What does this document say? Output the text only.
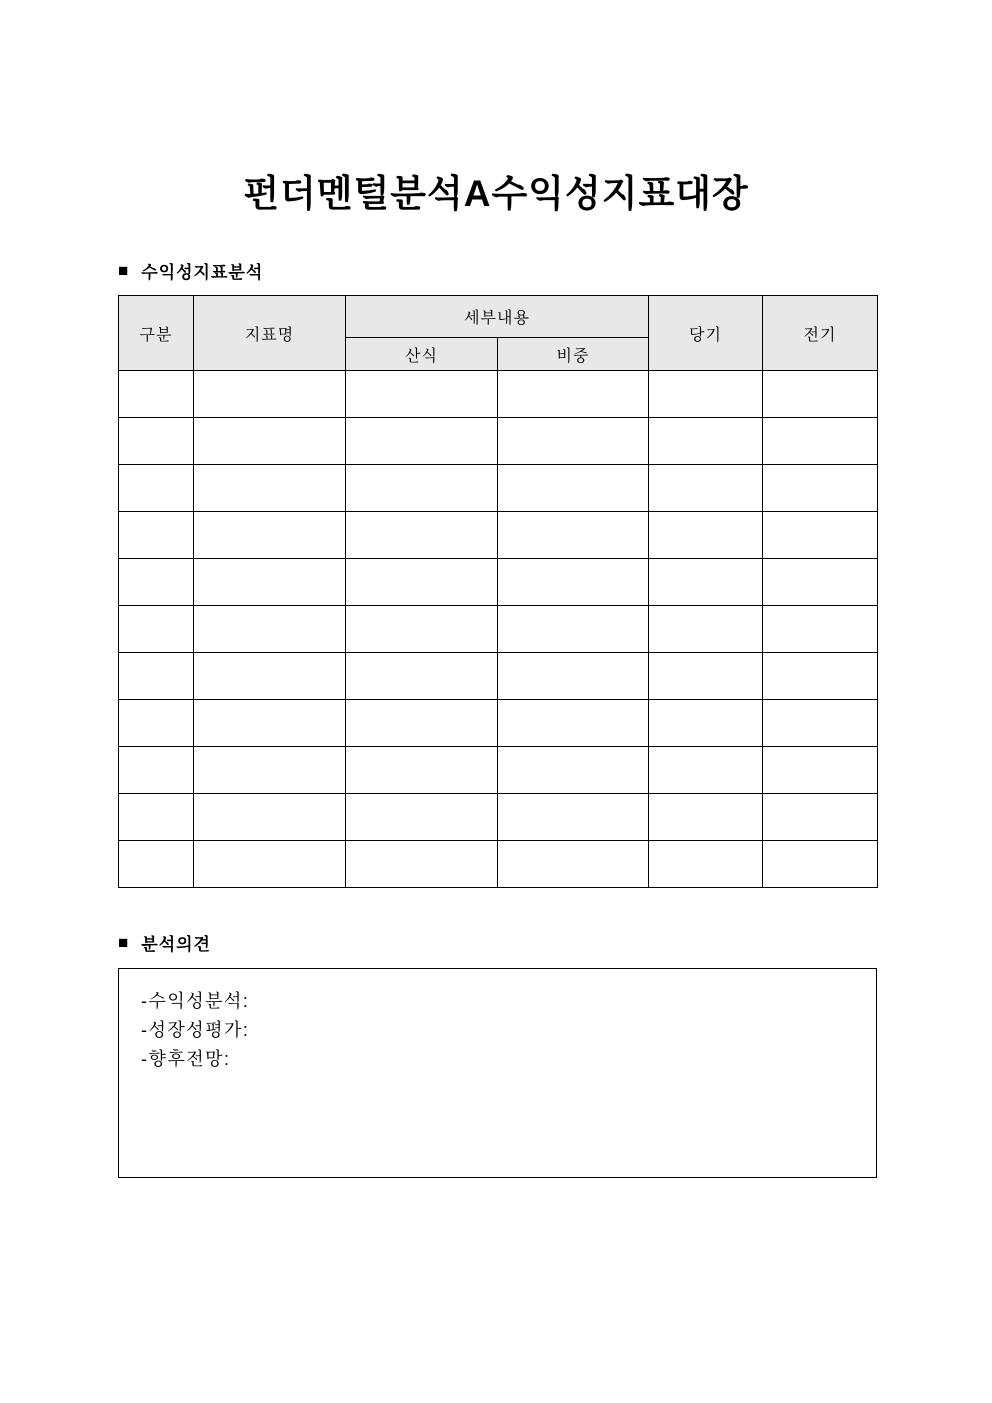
펀더멘털분석A수익성지표대장
■ 수익성지표분석
구분	지표명	세부내용		당기	전기
		산식	비중		

■ 분석의견
-수익성분석:
-성장성평가:
-향후전망:
